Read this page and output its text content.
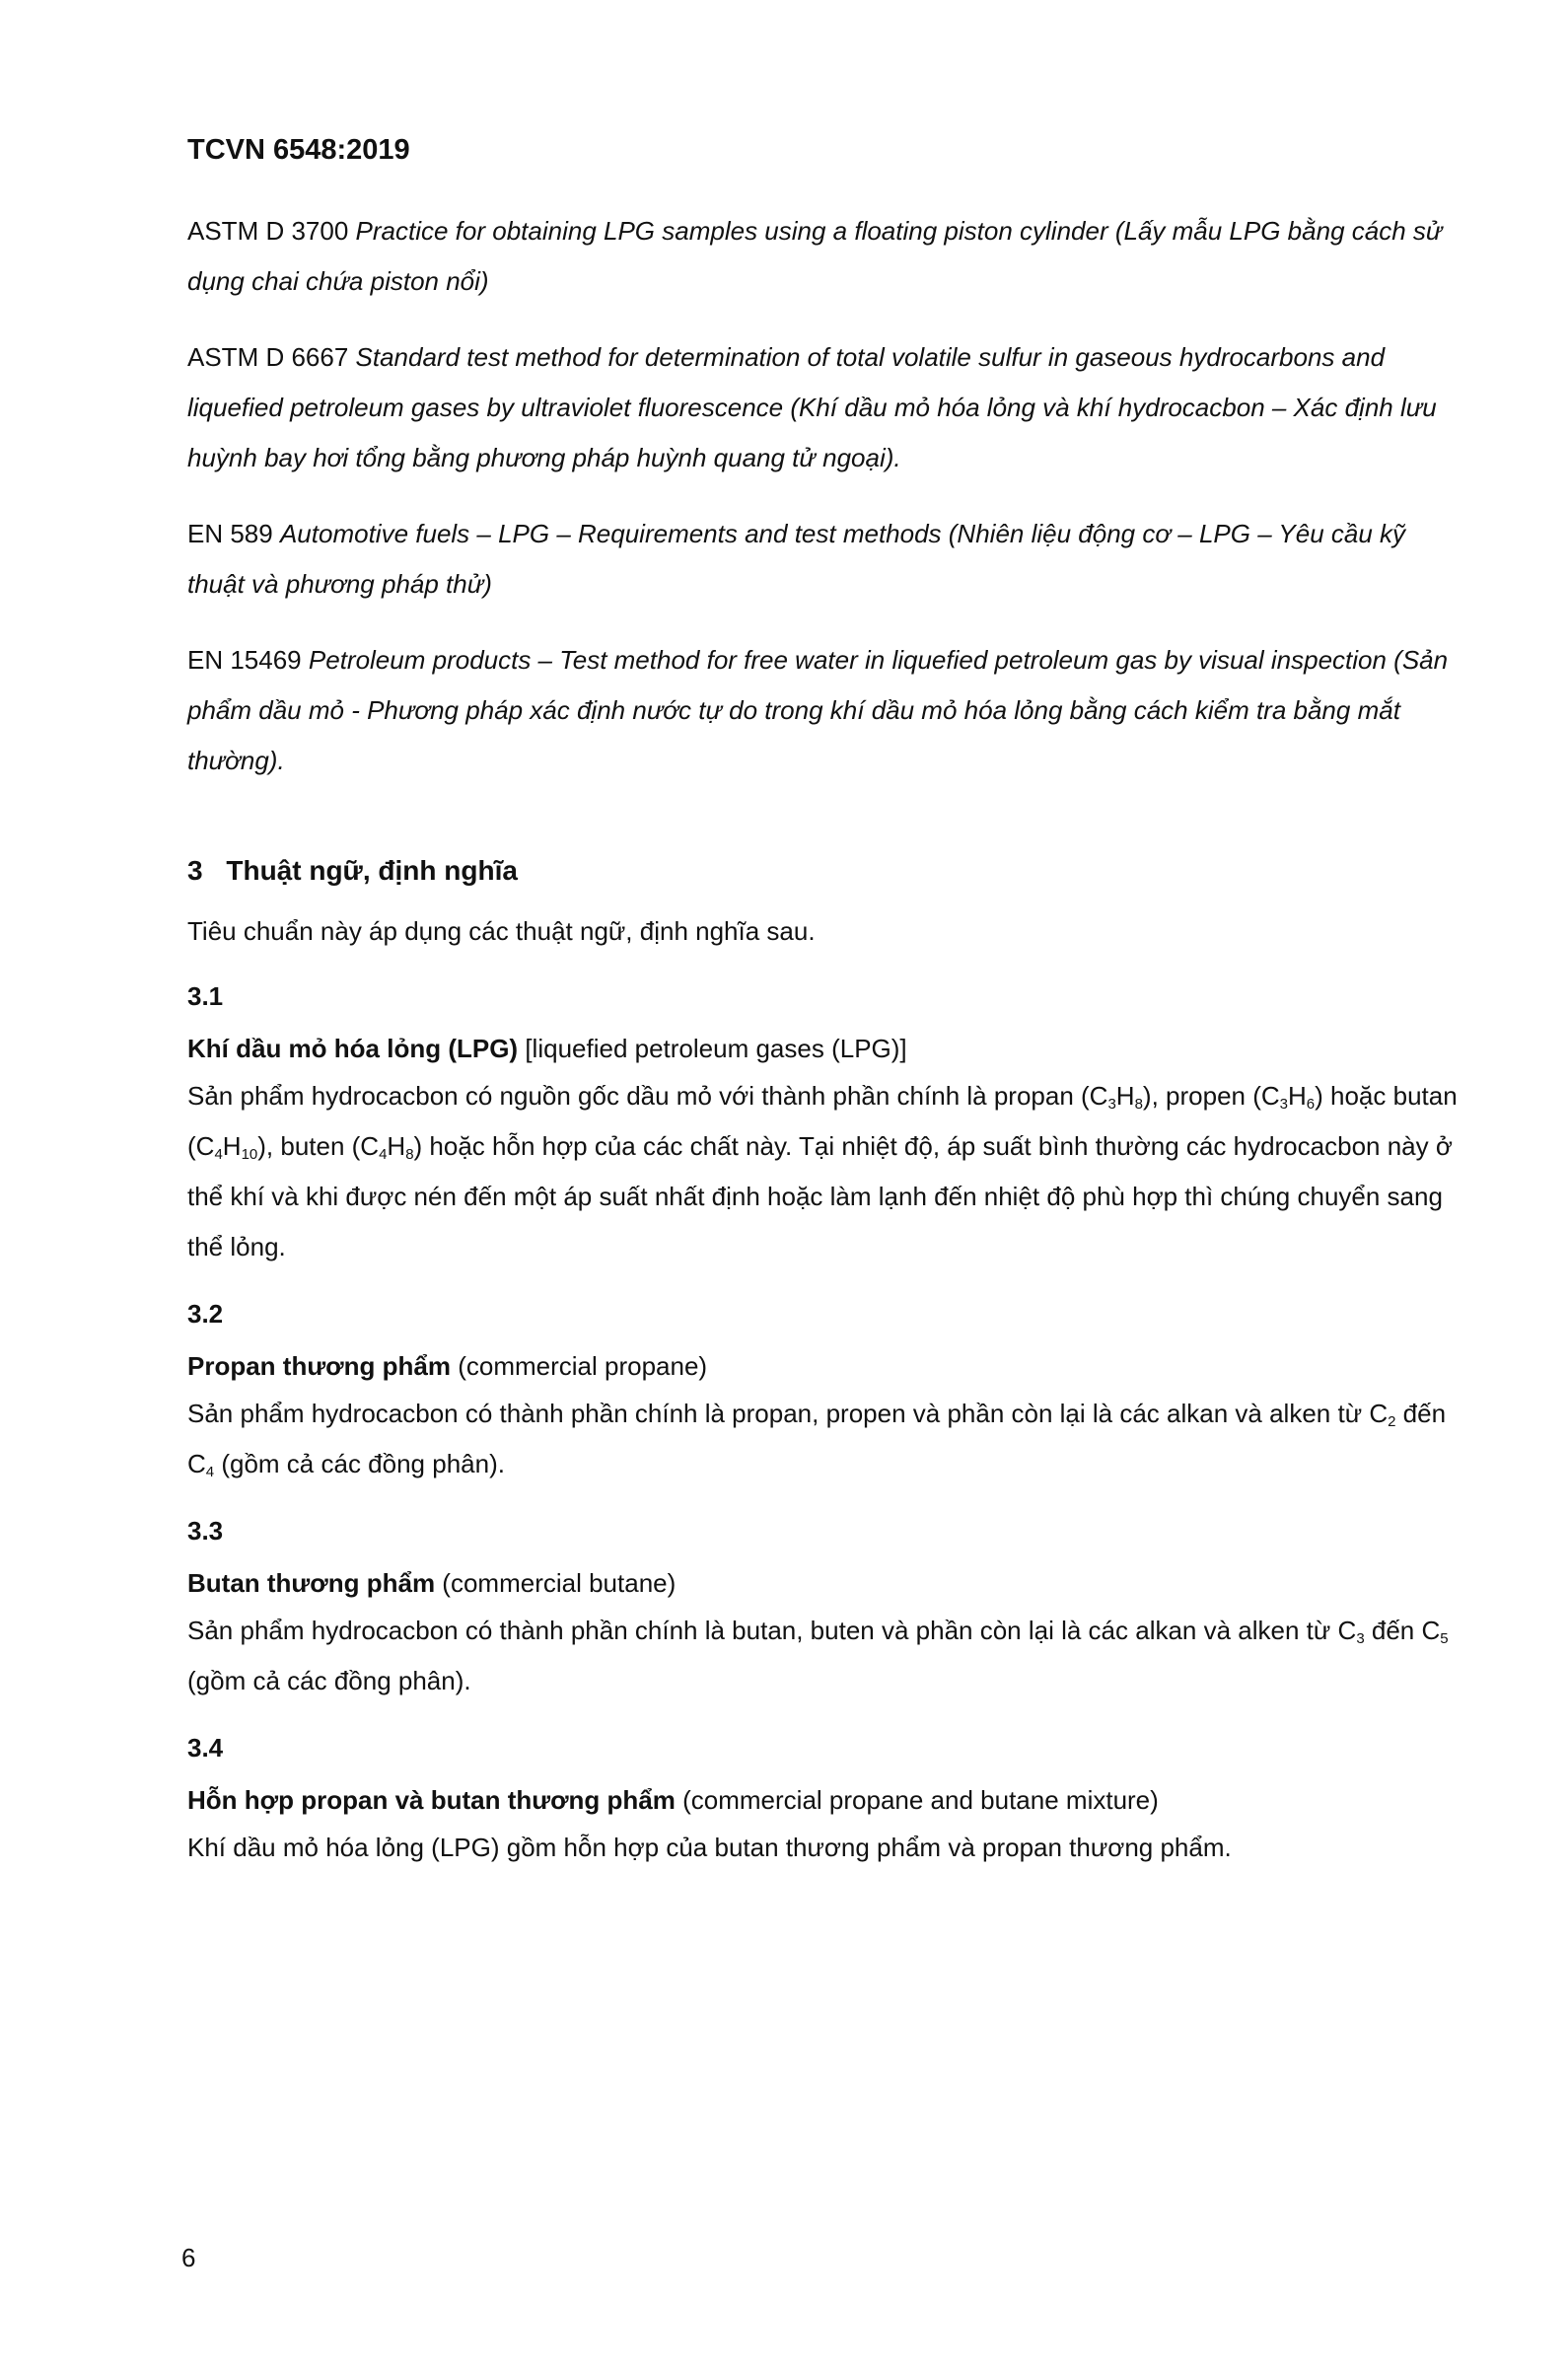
TCVN 6548:2019

ASTM D 3700 Practice for obtaining LPG samples using a floating piston cylinder (Lấy mẫu LPG bằng cách sử dụng chai chứa piston nổi)

ASTM D 6667 Standard test method for determination of total volatile sulfur in gaseous hydrocarbons and liquefied petroleum gases by ultraviolet fluorescence (Khí dầu mỏ hóa lỏng và khí hydrocacbon – Xác định lưu huỳnh bay hơi tổng bằng phương pháp huỳnh quang tử ngoại).

EN 589 Automotive fuels – LPG – Requirements and test methods (Nhiên liệu động cơ – LPG – Yêu cầu kỹ thuật và phương pháp thử)

EN 15469 Petroleum products – Test method for free water in liquefied petroleum gas by visual inspection (Sản phẩm dầu mỏ - Phương pháp xác định nước tự do trong khí dầu mỏ hóa lỏng bằng cách kiểm tra bằng mắt thường).

3 Thuật ngữ, định nghĩa

Tiêu chuẩn này áp dụng các thuật ngữ, định nghĩa sau.

3.1

Khí dầu mỏ hóa lỏng (LPG) [liquefied petroleum gases (LPG)]

Sản phẩm hydrocacbon có nguồn gốc dầu mỏ với thành phần chính là propan $(C_3H_8)$, propen $(C_3H_6)$ hoặc butan $(C_4H_{10})$, buten $(C_4H_8)$ hoặc hỗn hợp của các chất này. Tại nhiệt độ, áp suất bình thường các hydrocacbon này ở thể khí và khi được nén đến một áp suất nhất định hoặc làm lạnh đến nhiệt độ phù hợp thì chúng chuyển sang thể lỏng.

3.2

Propan thương phẩm (commercial propane)

Sản phẩm hydrocacbon có thành phần chính là propan, propen và phần còn lại là các alkan và alken từ $C_2$ đến $C_4$ (gồm cả các đồng phân).

3.3

Butan thương phẩm (commercial butane)

Sản phẩm hydrocacbon có thành phần chính là butan, buten và phần còn lại là các alkan và alken từ $C_3$ đến $C_5$ (gồm cả các đồng phân).

3.4

Hỗn hợp propan và butan thương phẩm (commercial propane and butane mixture)

Khí dầu mỏ hóa lỏng (LPG) gồm hỗn hợp của butan thương phẩm và propan thương phẩm.

6
